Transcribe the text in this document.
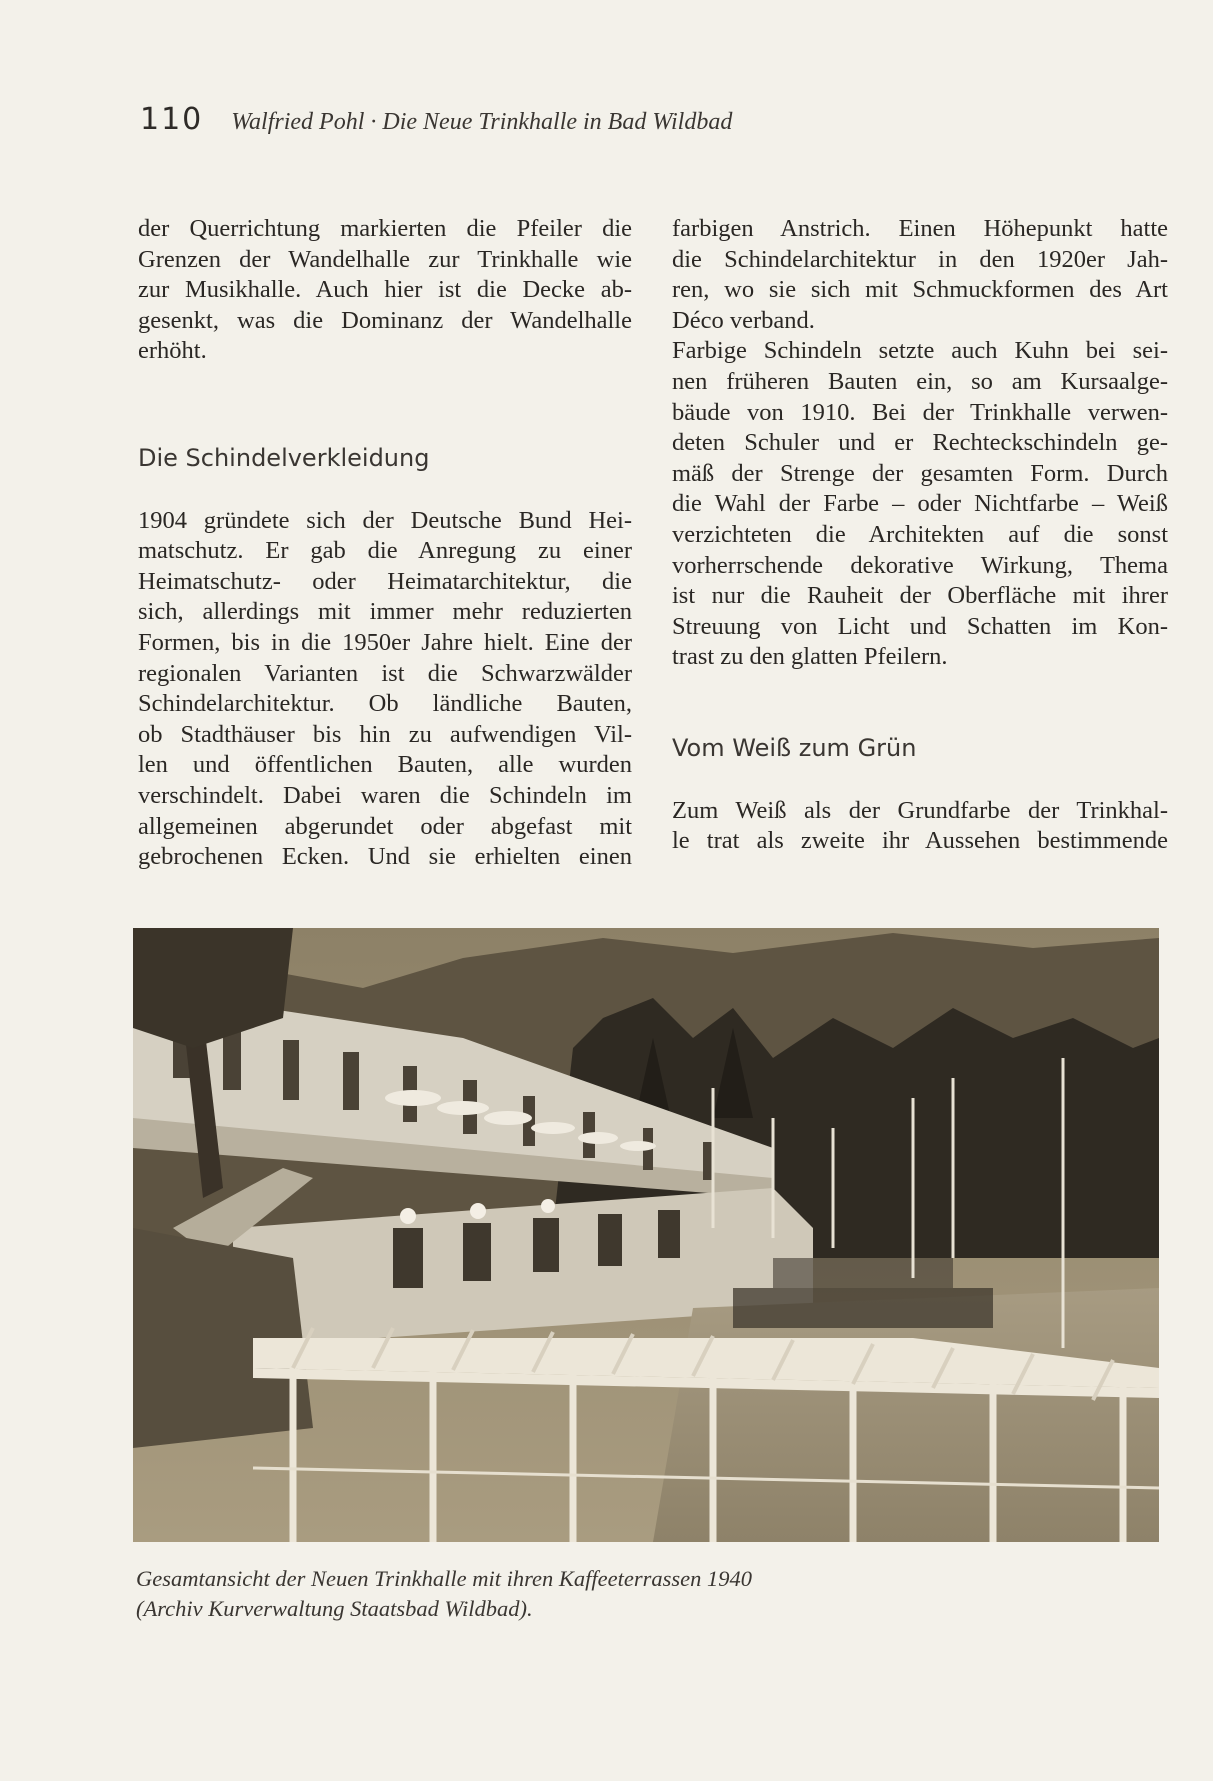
110 Walfried Pohl · Die Neue Trinkhalle in Bad Wildbad
der Querrichtung markierten die Pfeiler die
Grenzen der Wandelhalle zur Trinkhalle wie
zur Musikhalle. Auch hier ist die Decke ab-
gesenkt, was die Dominanz der Wandelhalle
erhöht.
Die Schindelverkleidung
1904 gründete sich der Deutsche Bund Hei-
matschutz. Er gab die Anregung zu einer
Heimatschutz- oder Heimatarchitektur, die
sich, allerdings mit immer mehr reduzierten
Formen, bis in die 1950er Jahre hielt. Eine der
regionalen Varianten ist die Schwarzwälder
Schindelarchitektur. Ob ländliche Bauten,
ob Stadthäuser bis hin zu aufwendigen Vil-
len und öffentlichen Bauten, alle wurden
verschindelt. Dabei waren die Schindeln im
allgemeinen abgerundet oder abgefast mit
gebrochenen Ecken. Und sie erhielten einen
farbigen Anstrich. Einen Höhepunkt hatte
die Schindelarchitektur in den 1920er Jah-
ren, wo sie sich mit Schmuckformen des Art
Déco verband.
Farbige Schindeln setzte auch Kuhn bei sei-
nen früheren Bauten ein, so am Kursaalge-
bäude von 1910. Bei der Trinkhalle verwen-
deten Schuler und er Rechteckschindeln ge-
mäß der Strenge der gesamten Form. Durch
die Wahl der Farbe – oder Nichtfarbe – Weiß
verzichteten die Architekten auf die sonst
vorherrschende dekorative Wirkung, Thema
ist nur die Rauheit der Oberfläche mit ihrer
Streuung von Licht und Schatten im Kon-
trast zu den glatten Pfeilern.
Vom Weiß zum Grün
Zum Weiß als der Grundfarbe der Trinkhal-
le trat als zweite ihr Aussehen bestimmende
Gesamtansicht der Neuen Trinkhalle mit ihren Kaffeeterrassen 1940
(Archiv Kurverwaltung Staatsbad Wildbad).
